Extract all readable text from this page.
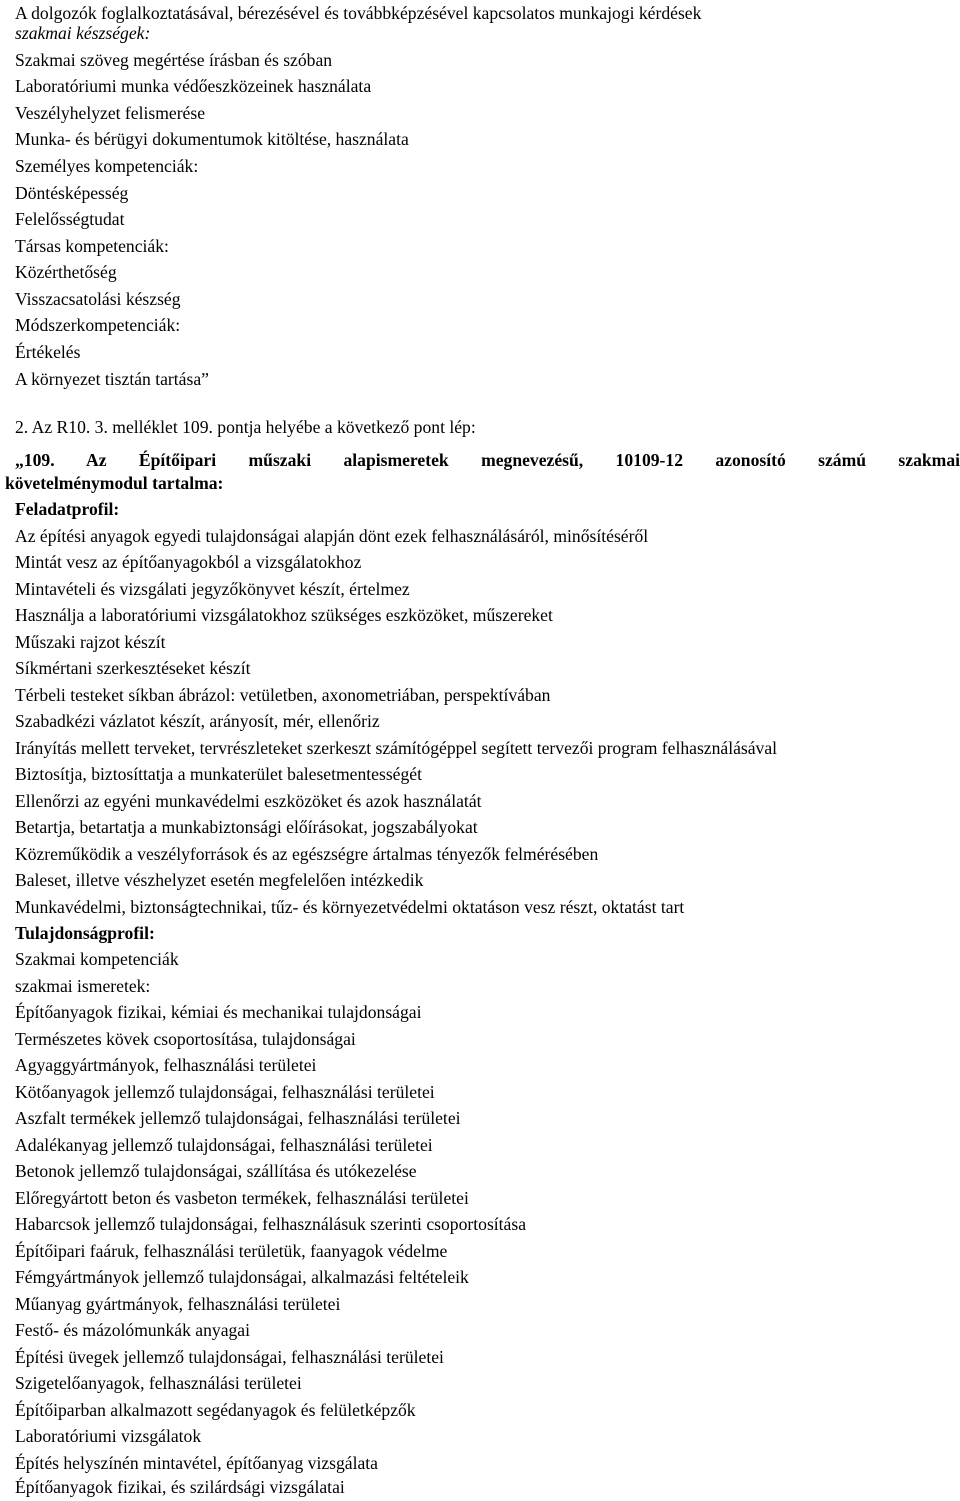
A dolgozók foglalkoztatásával, bérezésével és továbbképzésével kapcsolatos munkajogi kérdések
szakmai készségek:
Szakmai szöveg megértése írásban és szóban
Laboratóriumi munka védőeszközeinek használata
Veszélyhelyzet felismerése
Munka- és bérügyi dokumentumok kitöltése, használata
Személyes kompetenciák:
Döntésképesség
Felelősségtudat
Társas kompetenciák:
Közérthetőség
Visszacsatolási készség
Módszerkompetenciák:
Értékelés
A környezet tisztán tartása”
2. Az R10. 3. melléklet 109. pontja helyébe a következő pont lép:
„109. Az Építőipari műszaki alapismeretek megnevezésű, 10109-12 azonosító számú szakmai
követelménymodul tartalma:
Feladatprofil:
Az építési anyagok egyedi tulajdonságai alapján dönt ezek felhasználásáról, minősítéséről
Mintát vesz az építőanyagokból a vizsgálatokhoz
Mintavételi és vizsgálati jegyzőkönyvet készít, értelmez
Használja a laboratóriumi vizsgálatokhoz szükséges eszközöket, műszereket
Műszaki rajzot készít
Síkmértani szerkesztéseket készít
Térbeli testeket síkban ábrázol: vetületben, axonometriában, perspektívában
Szabadkézi vázlatot készít, arányosít, mér, ellenőriz
Irányítás mellett terveket, tervrészleteket szerkeszt számítógéppel segített tervezői program felhasználásával
Biztosítja, biztosíttatja a munkaterület balesetmentességét
Ellenőrzi az egyéni munkavédelmi eszközöket és azok használatát
Betartja, betartatja a munkabiztonsági előírásokat, jogszabályokat
Közreműködik a veszélyforrások és az egészségre ártalmas tényezők felmérésében
Baleset, illetve vészhelyzet esetén megfelelően intézkedik
Munkavédelmi, biztonságtechnikai, tűz- és környezetvédelmi oktatáson vesz részt, oktatást tart
Tulajdonságprofil:
Szakmai kompetenciák
szakmai ismeretek:
Építőanyagok fizikai, kémiai és mechanikai tulajdonságai
Természetes kövek csoportosítása, tulajdonságai
Agyaggyártmányok, felhasználási területei
Kötőanyagok jellemző tulajdonságai, felhasználási területei
Aszfalt termékek jellemző tulajdonságai, felhasználási területei
Adalékanyag jellemző tulajdonságai, felhasználási területei
Betonok jellemző tulajdonságai, szállítása és utókezelése
Előregyártott beton és vasbeton termékek, felhasználási területei
Habarcsok jellemző tulajdonságai, felhasználásuk szerinti csoportosítása
Építőipari faáruk, felhasználási területük, faanyagok védelme
Fémgyártmányok jellemző tulajdonságai, alkalmazási feltételeik
Műanyag gyártmányok, felhasználási területei
Festő- és mázolómunkák anyagai
Építési üvegek jellemző tulajdonságai, felhasználási területei
Szigetelőanyagok, felhasználási területei
Építőiparban alkalmazott segédanyagok és felületképzők
Laboratóriumi vizsgálatok
Építés helyszínén mintavétel, építőanyag vizsgálata
Építőanyagok fizikai, és szilárdsági vizsgálatai
